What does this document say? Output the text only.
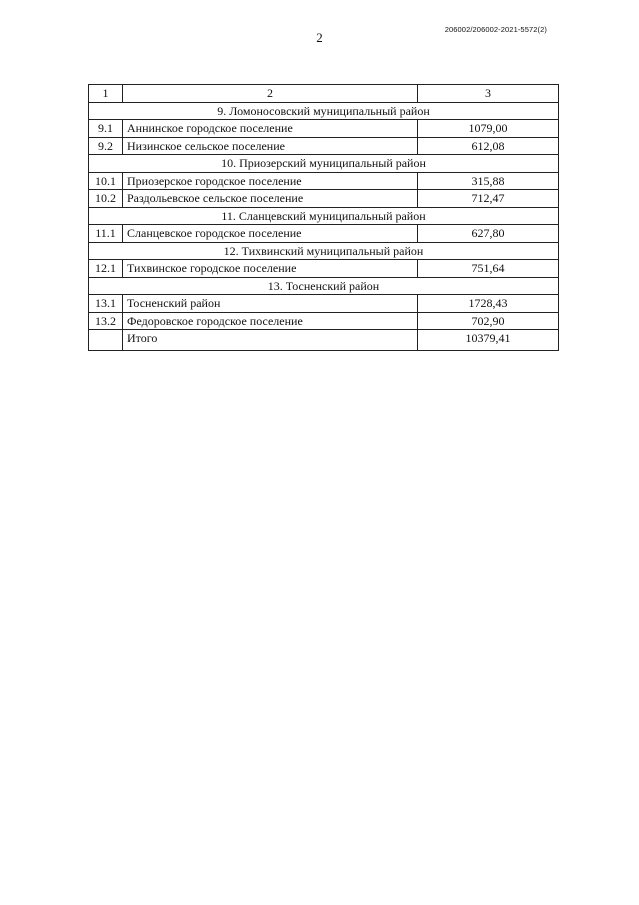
2
206002/206002-2021-5572(2)
1	2	3
9. Ломоносовский муниципальный район		
9.1	Аннинское городское поселение	1079,00
9.2	Низинское сельское поселение	612,08
10. Приозерский муниципальный район		
10.1	Приозерское городское поселение	315,88
10.2	Раздольевское сельское поселение	712,47
11. Сланцевский муниципальный район		
11.1	Сланцевское городское поселение	627,80
12. Тихвинский муниципальный район		
12.1	Тихвинское городское поселение	751,64
13. Тосненский район		
13.1	Тосненский район	1728,43
13.2	Федоровское городское поселение	702,90
	Итого	10379,41
